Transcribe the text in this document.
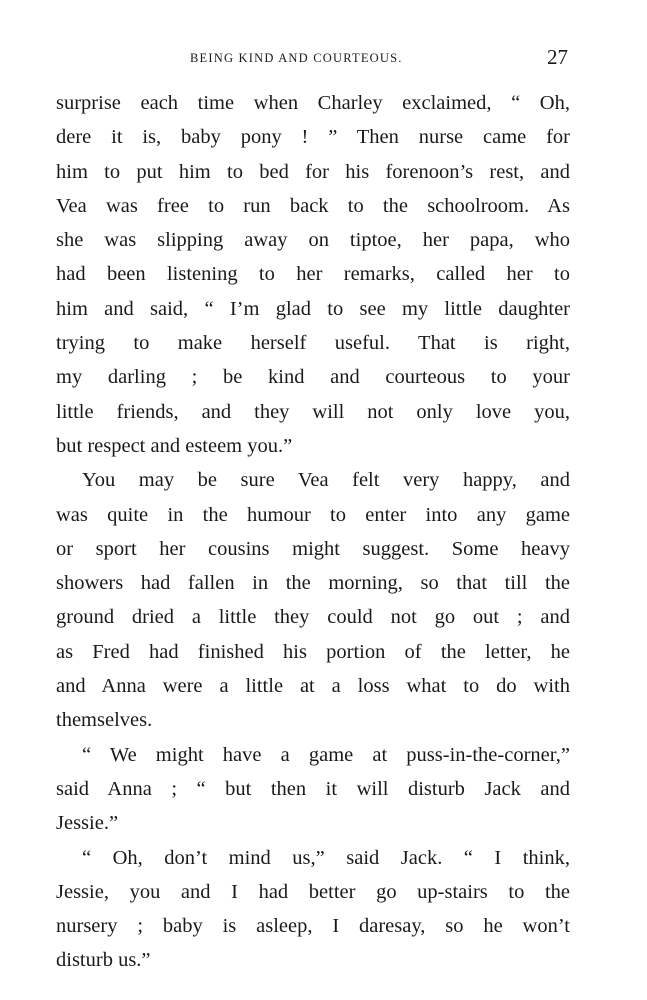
BEING KIND AND COURTEOUS.	27
surprise each time when Charley exclaimed, “ Oh,
dere it is, baby pony ! ” Then nurse came for
him to put him to bed for his forenoon’s rest, and
Vea was free to run back to the schoolroom. As
she was slipping away on tiptoe, her papa, who
had been listening to her remarks, called her to
him and said, “ I’m glad to see my little daughter
trying to make herself useful. That is right,
my darling ; be kind and courteous to your
little friends, and they will not only love you,
but respect and esteem you.”
You may be sure Vea felt very happy, and
was quite in the humour to enter into any game
or sport her cousins might suggest. Some heavy
showers had fallen in the morning, so that till the
ground dried a little they could not go out ; and
as Fred had finished his portion of the letter, he
and Anna were a little at a loss what to do with
themselves.
“ We might have a game at puss-in-the-corner,”
said Anna ; “ but then it will disturb Jack and
Jessie.”
“ Oh, don’t mind us,” said Jack. “ I think,
Jessie, you and I had better go up-stairs to the
nursery ; baby is asleep, I daresay, so he won’t
disturb us.”
